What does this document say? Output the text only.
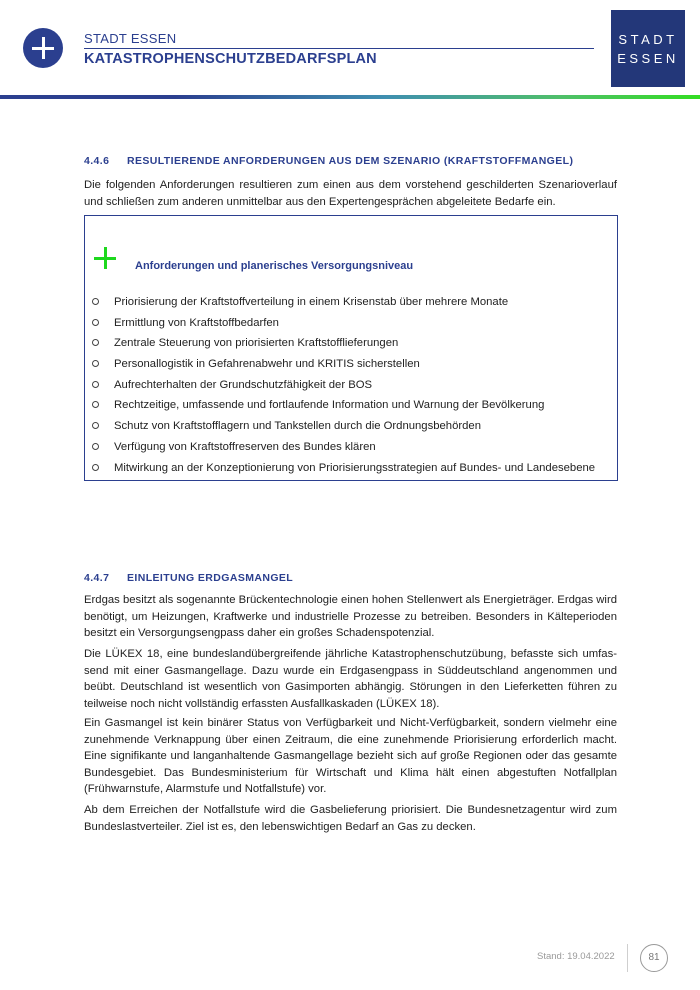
STADT ESSEN
KATASTROPHENSCHUTZBEDARFSPLAN
STADT
ESSEN
4.4.6 RESULTIERENDE ANFORDERUNGEN AUS DEM SZENARIO (KRAFTSTOFFMANGEL)
Die folgenden Anforderungen resultieren zum einen aus dem vorstehend geschilderten Szenarioverlauf und schließen zum anderen unmittelbar aus den Expertengesprächen abgeleitete Bedarfe ein.
Anforderungen und planerisches Versorgungsniveau
Priorisierung der Kraftstoffverteilung in einem Krisenstab über mehrere Monate
Ermittlung von Kraftstoffbedarfen
Zentrale Steuerung von priorisierten Kraftstofflieferungen
Personallogistik in Gefahrenabwehr und KRITIS sicherstellen
Aufrechterhalten der Grundschutzfähigkeit der BOS
Rechtzeitige, umfassende und fortlaufende Information und Warnung der Bevölkerung
Schutz von Kraftstofflagern und Tankstellen durch die Ordnungsbehörden
Verfügung von Kraftstoffreserven des Bundes klären
Mitwirkung an der Konzeptionierung von Priorisierungsstrategien auf Bundes- und Landesebene
4.4.7 EINLEITUNG ERDGASMANGEL
Erdgas besitzt als sogenannte Brückentechnologie einen hohen Stellenwert als Energieträger. Erdgas wird benötigt, um Heizungen, Kraftwerke und industrielle Prozesse zu betreiben. Besonders in Kälteperioden besitzt ein Versorgungsengpass daher ein großes Schadenspotenzial.
Die LÜKEX 18, eine bundeslandübergreifende jährliche Katastrophenschutzübung, befasste sich umfassend mit einer Gasmangellage. Dazu wurde ein Erdgasengpass in Süddeutschland angenommen und beübt. Deutschland ist wesentlich von Gasimporten abhängig. Störungen in den Lieferketten führen zu teilweise noch nicht vollständig erfassten Ausfallkaskaden (LÜKEX 18).
Ein Gasmangel ist kein binärer Status von Verfügbarkeit und Nicht-Verfügbarkeit, sondern vielmehr eine zunehmende Verknappung über einen Zeitraum, die eine zunehmende Priorisierung erforderlich macht. Eine signifikante und langanhaltende Gasmangellage bezieht sich auf große Regionen oder das gesamte Bundesgebiet. Das Bundesministerium für Wirtschaft und Klima hält einen abgestuften Notfallplan (Frühwarnstufe, Alarmstufe und Notfallstufe) vor.
Ab dem Erreichen der Notfallstufe wird die Gasbelieferung priorisiert. Die Bundesnetzagentur wird zum Bundeslastverteiler. Ziel ist es, den lebenswichtigen Bedarf an Gas zu decken.
Stand: 19.04.2022	81
